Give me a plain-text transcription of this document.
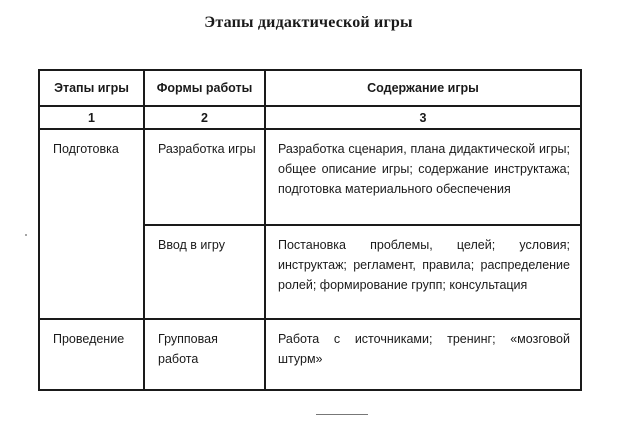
Этапы дидактической игры
Этапы игры	Формы работы	Содержание игры
1	2	3

Подготовка	Разработка игры	Разработка сценария, плана дидактической игры; общее описание игры; содержание инструктажа; подготовка материального обеспечения

	Ввод в игру	Постановка проблемы, целей; условия; инструктаж; регламент, правила; распределение ролей; формирование групп; консультация

Проведение	Групповая работа	Работа с источниками; тренинг; «мозговой штурм»
